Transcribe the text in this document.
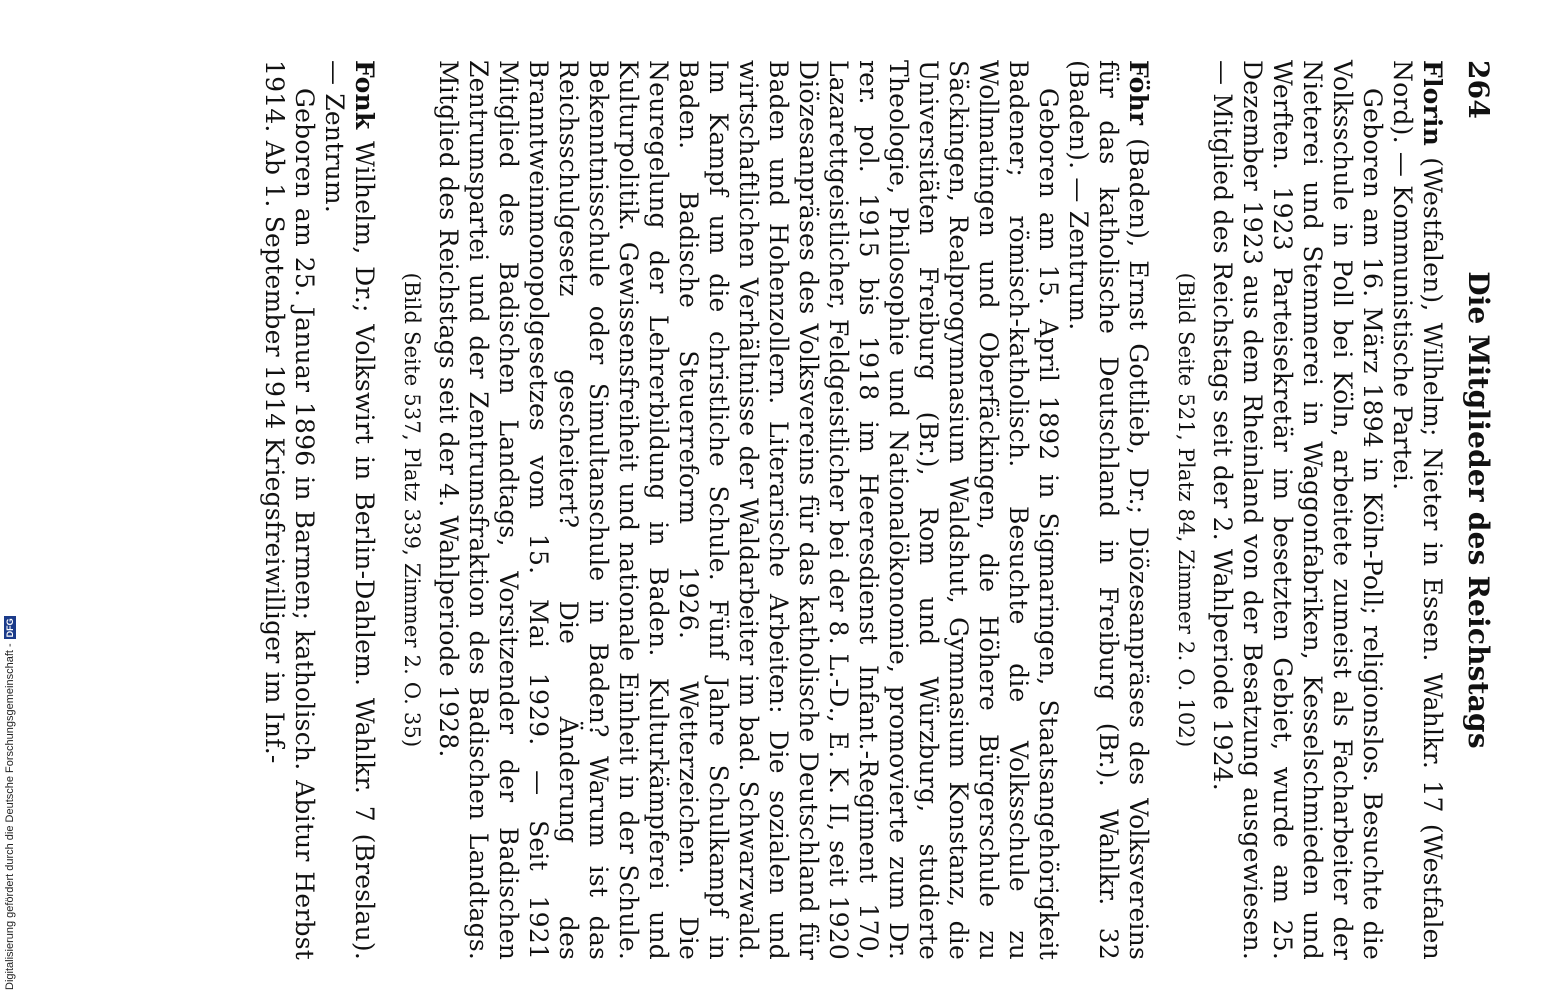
264
Die Mitglieder des Reichstags
Florin (Westfalen), Wilhelm; Nieter in Essen. Wahlkr. 17 (Westfalen Nord). — Kommunistische Partei.
Geboren am 16. März 1894 in Köln-Poll; religionslos. Besuchte die Volksschule in Poll bei Köln, arbeitete zumeist als Facharbeiter der Nieterei und Stemmerei in Waggonfabriken, Kesselschmieden und Werften. 1923 Parteisekretär im besetzten Gebiet, wurde am 25. Dezember 1923 aus dem Rheinland von der Besatzung ausgewiesen. — Mitglied des Reichstags seit der 2. Wahlperiode 1924.
(Bild Seite 521, Platz 84, Zimmer 2. O. 102)
Föhr (Baden), Ernst Gottlieb, Dr.; Diözesanpräses des Volksvereins für das katholische Deutschland in Freiburg (Br.). Wahlkr. 32 (Baden). — Zentrum.
Geboren am 15. April 1892 in Sigmaringen, Staatsangehörigkeit Badener; römisch-katholisch. Besuchte die Volksschule zu Wollmatingen und Oberfäckingen, die Höhere Bürgerschule zu Säckingen, Realprogymnasium Waldshut, Gymnasium Konstanz, die Universitäten Freiburg (Br.), Rom und Würzburg, studierte Theologie, Philosophie und Nationalökonomie, promovierte zum Dr. rer. pol. 1915 bis 1918 im Heeresdienst Infant.-Regiment 170, Lazarettgeistlicher, Feldgeistlicher bei der 8. L.-D., E. K. II, seit 1920 Diözesanpräses des Volksvereins für das katholische Deutschland für Baden und Hohenzollern. Literarische Arbeiten: Die sozialen und wirtschaftlichen Verhältnisse der Waldarbeiter im bad. Schwarzwald. Im Kampf um die christliche Schule. Fünf Jahre Schulkampf in Baden. Badische Steuerreform 1926. Wetterzeichen. Die Neuregelung der Lehrerbildung in Baden. Kulturkämpferei und Kulturpolitik. Gewissensfreiheit und nationale Einheit in der Schule. Bekenntnisschule oder Simultanschule in Baden? Warum ist das Reichsschulgesetz gescheitert? Die Änderung des Branntweinmonopolgesetzes vom 15. Mai 1929. — Seit 1921 Mitglied des Badischen Landtags, Vorsitzender der Badischen Zentrumspartei und der Zentrumsfraktion des Badischen Landtags. Mitglied des Reichstags seit der 4. Wahlperiode 1928.
(Bild Seite 537, Platz 339, Zimmer 2. O. 35)
Fonk Wilhelm, Dr.; Volkswirt in Berlin-Dahlem. Wahlkr. 7 (Breslau). — Zentrum.
Geboren am 25. Januar 1896 in Barmen; katholisch. Abitur Herbst 1914. Ab 1. September 1914 Kriegsfreiwilliger im Inf.-
Digitalisierung gefördert durch die Deutsche Forschungsgemeinschaft -
DFG
